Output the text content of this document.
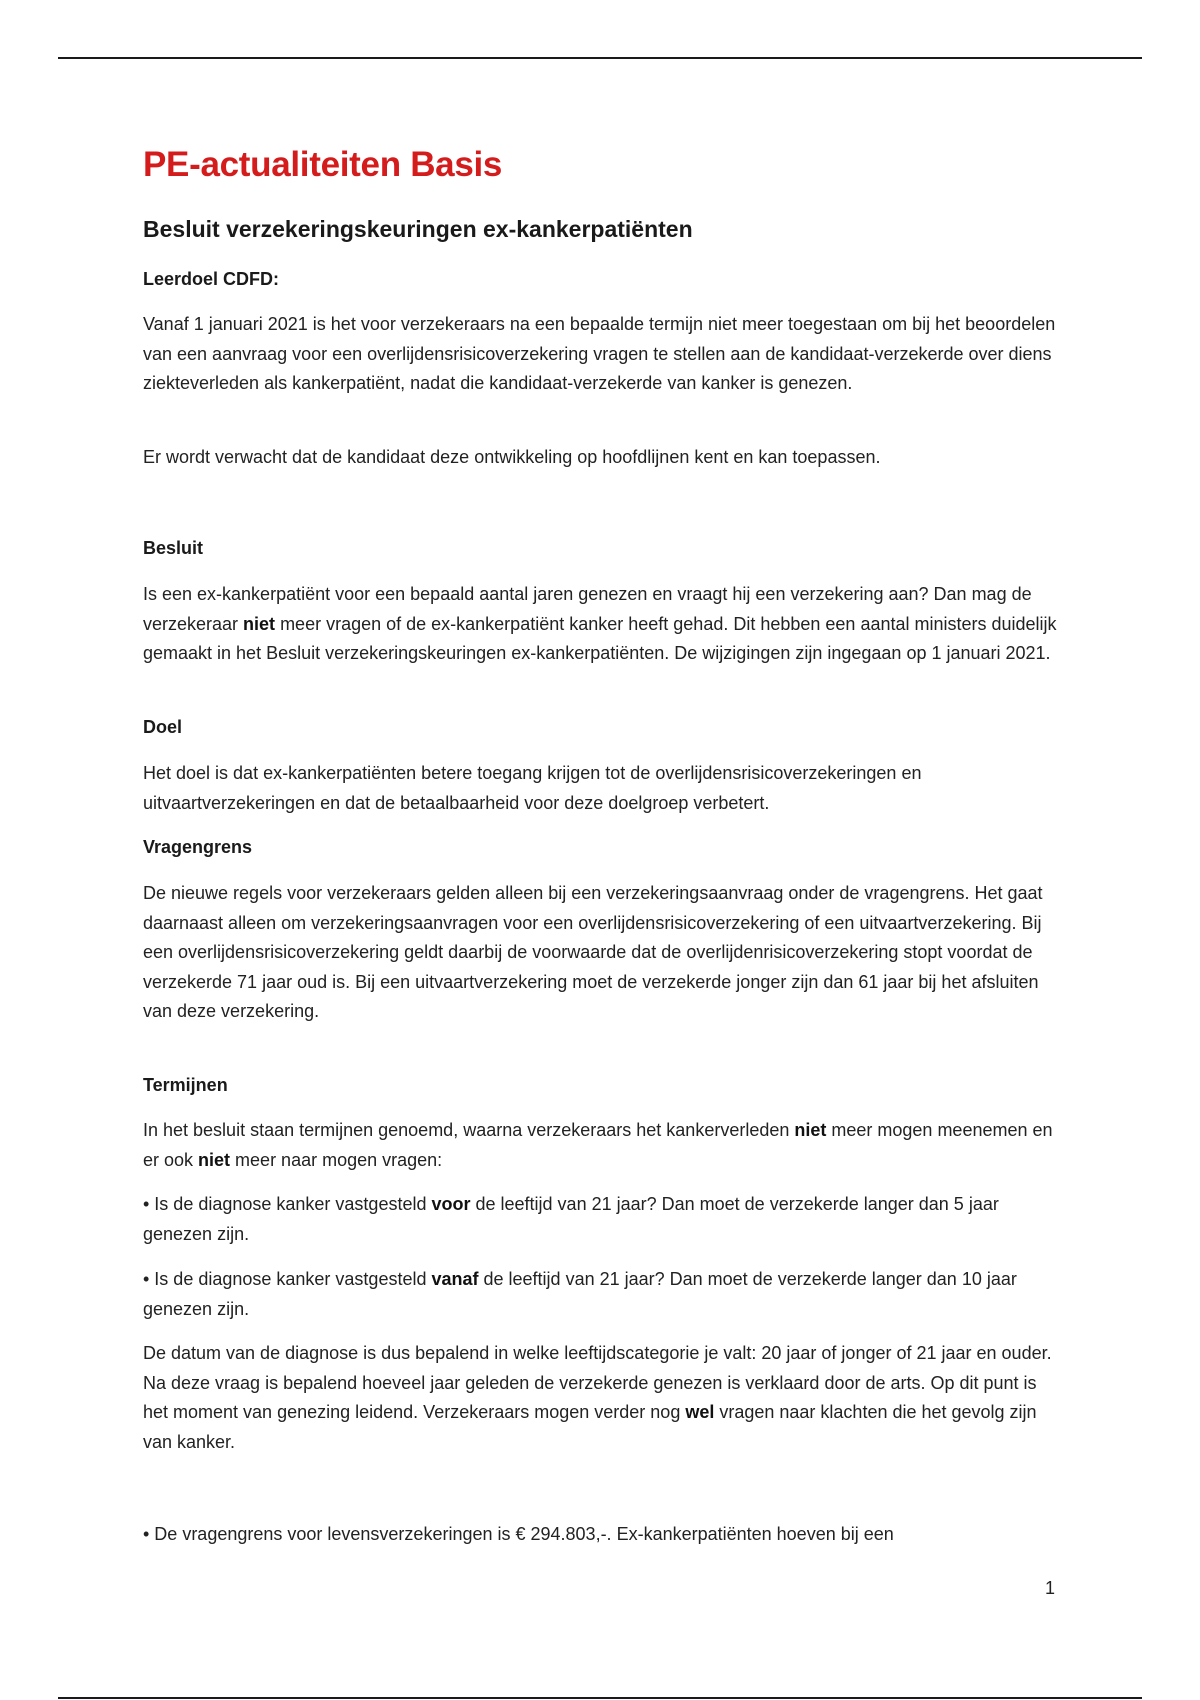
PE-actualiteiten Basis
Besluit verzekeringskeuringen ex-kankerpatiënten
Leerdoel CDFD:

Vanaf 1 januari 2021 is het voor verzekeraars na een bepaalde termijn niet meer toegestaan om bij het beoordelen van een aanvraag voor een overlijdensrisicoverzekering vragen te stellen aan de kandidaat-verzekerde over diens ziekteverleden als kankerpatiënt, nadat die kandidaat-verzekerde van kanker is genezen.

Er wordt verwacht dat de kandidaat deze ontwikkeling op hoofdlijnen kent en kan toepassen.

Besluit

Is een ex-kankerpatiënt voor een bepaald aantal jaren genezen en vraagt hij een verzekering aan? Dan mag de verzekeraar niet meer vragen of de ex-kankerpatiënt kanker heeft gehad. Dit hebben een aantal ministers duidelijk gemaakt in het Besluit verzekeringskeuringen ex-kankerpatiënten. De wijzigingen zijn ingegaan op 1 januari 2021.

Doel

Het doel is dat ex-kankerpatiënten betere toegang krijgen tot de overlijdensrisicoverzekeringen en uitvaartverzekeringen en dat de betaalbaarheid voor deze doelgroep verbetert.

Vragengrens

De nieuwe regels voor verzekeraars gelden alleen bij een verzekeringsaanvraag onder de vragengrens. Het gaat daarnaast alleen om verzekeringsaanvragen voor een overlijdensrisicoverzekering of een uitvaartverzekering. Bij een overlijdensrisicoverzekering geldt daarbij de voorwaarde dat de overlijdenrisicoverzekering stopt voordat de verzekerde 71 jaar oud is. Bij een uitvaartverzekering moet de verzekerde jonger zijn dan 61 jaar bij het afsluiten van deze verzekering.

Termijnen

In het besluit staan termijnen genoemd, waarna verzekeraars het kankerverleden niet meer mogen meenemen en er ook niet meer naar mogen vragen:

• Is de diagnose kanker vastgesteld voor de leeftijd van 21 jaar? Dan moet de verzekerde langer dan 5 jaar genezen zijn.

• Is de diagnose kanker vastgesteld vanaf de leeftijd van 21 jaar? Dan moet de verzekerde langer dan 10 jaar genezen zijn.

De datum van de diagnose is dus bepalend in welke leeftijdscategorie je valt: 20 jaar of jonger of 21 jaar en ouder. Na deze vraag is bepalend hoeveel jaar geleden de verzekerde genezen is verklaard door de arts. Op dit punt is het moment van genezing leidend. Verzekeraars mogen verder nog wel vragen naar klachten die het gevolg zijn van kanker.

• De vragengrens voor levensverzekeringen is € 294.803,-. Ex-kankerpatiënten hoeven bij een

1
